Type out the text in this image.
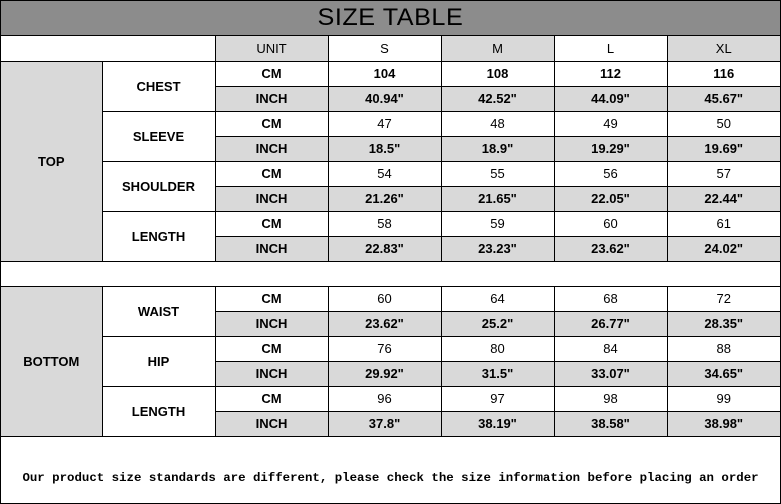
SIZE TABLE
		UNIT	S	M	L	XL
TOP	CHEST	CM	104	108	112	116
		INCH	40.94"	42.52"	44.09"	45.67"
	SLEEVE	CM	47	48	49	50
		INCH	18.5"	18.9"	19.29"	19.69"
	SHOULDER	CM	54	55	56	57
		INCH	21.26"	21.65"	22.05"	22.44"
	LENGTH	CM	58	59	60	61
		INCH	22.83"	23.23"	23.62"	24.02"

BOTTOM	WAIST	CM	60	64	68	72
		INCH	23.62"	25.2"	26.77"	28.35"
	HIP	CM	76	80	84	88
		INCH	29.92"	31.5"	33.07"	34.65"
	LENGTH	CM	96	97	98	99
		INCH	37.8"	38.19"	38.58"	38.98"
Our product size standards are different, please check the size information before placing an order
